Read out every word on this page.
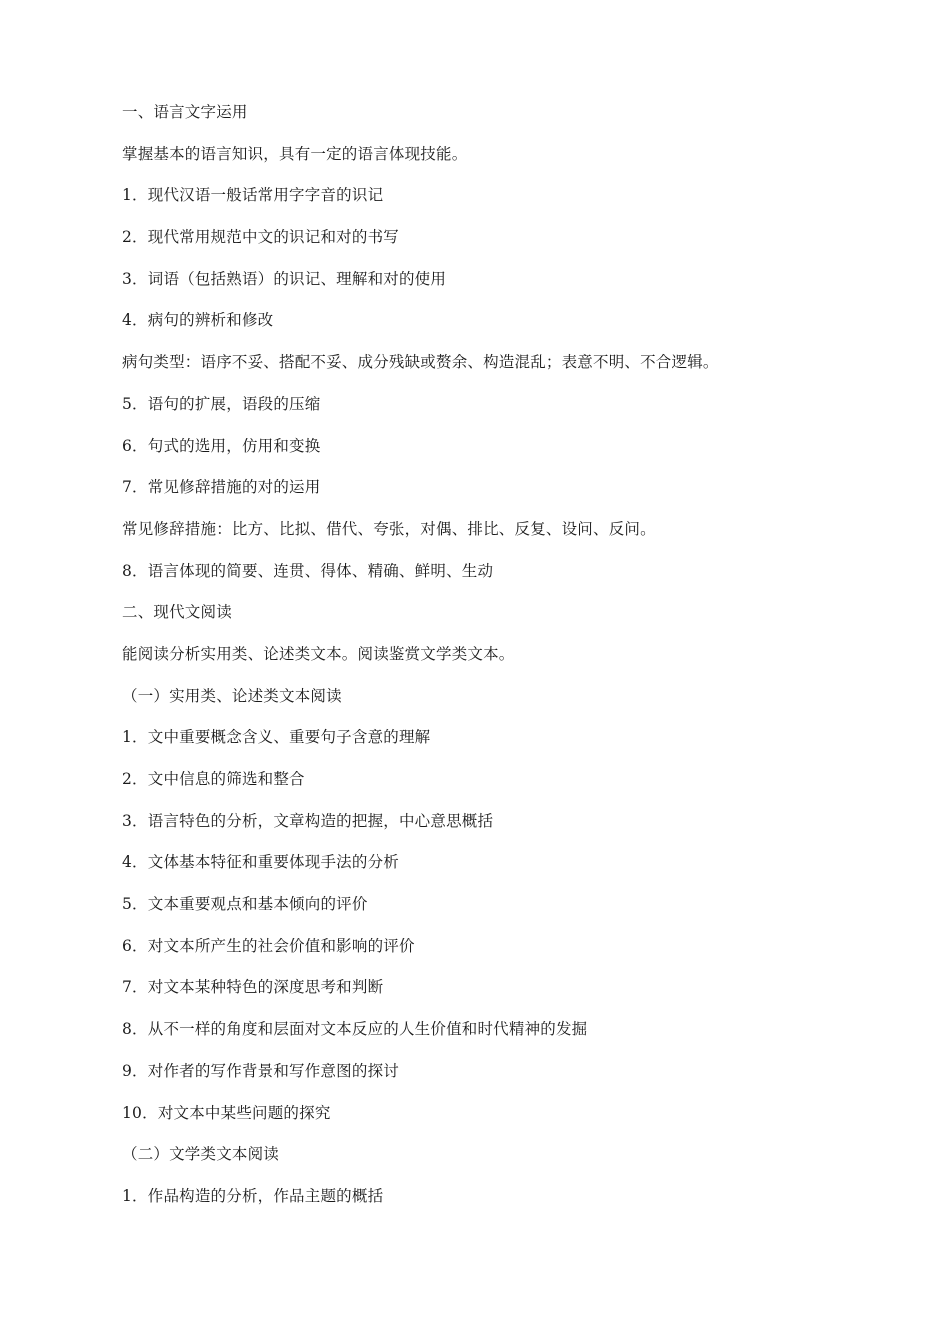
一、语言文字运用
掌握基本的语言知识，具有一定的语言体现技能。
1．现代汉语一般话常用字字音的识记
2．现代常用规范中文的识记和对的书写
3．词语（包括熟语）的识记、理解和对的使用
4．病句的辨析和修改
病句类型：语序不妥、搭配不妥、成分残缺或赘余、构造混乱；表意不明、不合逻辑。
5．语句的扩展，语段的压缩
6．句式的选用，仿用和变换
7．常见修辞措施的对的运用
常见修辞措施：比方、比拟、借代、夸张，对偶、排比、反复、设问、反问。
8．语言体现的简要、连贯、得体、精确、鲜明、生动
二、现代文阅读
能阅读分析实用类、论述类文本。阅读鉴赏文学类文本。
（一）实用类、论述类文本阅读
1．文中重要概念含义、重要句子含意的理解
2．文中信息的筛选和整合
3．语言特色的分析，文章构造的把握，中心意思概括
4．文体基本特征和重要体现手法的分析
5．文本重要观点和基本倾向的评价
6．对文本所产生的社会价值和影响的评价
7．对文本某种特色的深度思考和判断
8．从不一样的角度和层面对文本反应的人生价值和时代精神的发掘
9．对作者的写作背景和写作意图的探讨
10．对文本中某些问题的探究
（二）文学类文本阅读
1．作品构造的分析，作品主题的概括
